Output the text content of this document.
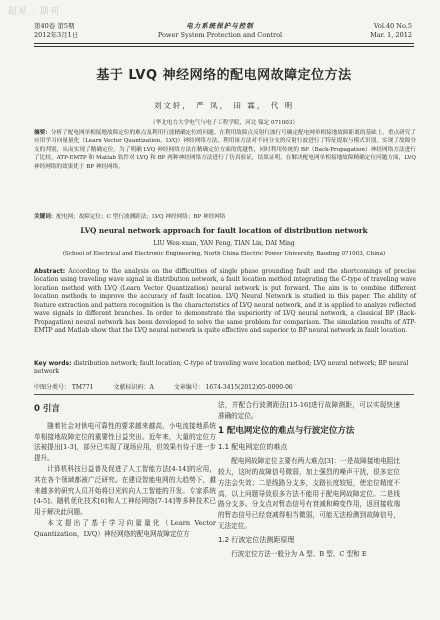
超星 · 期刊
第40卷 第5期
2012年3月1日
电力系统保护与控制
Power System Protection and Control
Vol.40 No.5
Mar. 1, 2012
基于 LVQ 神经网络的配电网故障定位方法
刘文轩， 严 凤， 田 霖， 代 明
（华北电力大学电气与电子工程学院，河北 保定 071003）
摘要：分析了配电网单相接地故障定位的难点及利用行波精确定位的问题。在利用故障点反射行波行号确定配电网单相接地故障距离的基础上，重点研究了应用学习向量量化（Learn Vector Quantization，LVQ）神经网络方法，利用该方法对不同分支的反射行波进行了特征提取与模式识别，实现了故障分支的判别，从而实现了精确定位。为了明确 LVQ 神经网络方法在精确定位方面的优越性，同时利用传统的 BP（Back-Propagation）神经网络方法进行了比较。ATP-EMTP 和 Matlab 软件对 LVQ 和 BP 两种神经网络方法进行了仿真验证，结果证明，在解决配电网单相接地故障精确定位问题方面，LVQ 神经网络的效果优于 BP 神经网络。
关键词：配电网；故障定位；C 型行波测距法；LVQ 神经网络；BP 神经网络
LVQ neural network approach for fault location of distribution network
LIU Wen-xuan, YAN Feng, TIAN Lin, DAI Ming
(School of Electrical and Electronic Engineering, North China Electric Power University, Baoding 071003, China)
Abstract: According to the analysis on the difficulties of single phase grounding fault and the shortcomings of precise location using traveling wave signal in distribution network, a fault location method integrating the C-type of traveling wave location method with LVQ (Learn Vector Quantization) neural network is put forward. The aim is to combine different location methods to improve the accuracy of fault location. LVQ Neural Network is studied in this paper. The ability of feature extraction and pattern recognition is the characteristics of LVQ neural network, and it is applied to analyze reflected wave signals in different branches. In order to demonstrate the superiority of LVQ neural network, a classical BP (Back-Propagation) neural network has been developed to solve the same problem for comparison. The simulation results of ATP-EMTP and Matlab show that the LVQ neural network is quite effective and superior to BP neural network in fault location.
Key words: distribution network; fault location; C-type of traveling wave location method; LVQ neural network; BP neural network
中图分类号： TM771	文献标识码：A	文章编号： 1674-3415(2012)05-0090-06
0 引言

随着社会对供电可靠性的要求越来越高，小电流接地系统单相接地故障定位的重要性日益突出。近年来，大量的定位方法被提出[1-3]，部分已实现了现场应用，但效果有待于进一步提升。

计算机科技日益普及促进了人工智能方法[4-14]的应用，其在各个领域都被广泛研究。在建设智能电网的大趋势下，越来越多的研究人员开始将目光转向人工智能的开发。专家系统[4-5]、随机优化技术[6]和人工神经网络[7-14]等多种技术已用于解决此问题。

本文提出了基于学习向量量化（Learn Vector Quantization，LVQ）神经网络的配电网故障定位方

法，并配合行波测距法[15-16]进行故障测距，可以实现快速准确的定位。

1 配电网定位的难点与行波定位方法
1.1 配电网定位的难点

配电网故障定位主要有两大难点[3]：一是故障接地电阻比较大，这时的故障信号微弱，加上强烈的噪声干扰，很多定位方法会失效；二是线路分支多，支路长度较短，使定位精度不高，以上问题导致很多方法不能用于配电网故障定位。二是线路分支多。分支点对暂态信号有衰减和畸变作用，返回接收端的暂态信号已经衰减得相当微弱，可能无法检测到故障信号，无法定位。

1.2 行波定位法测距原理

行波定位方法一般分为 A 型、B 型、C 型和 E
